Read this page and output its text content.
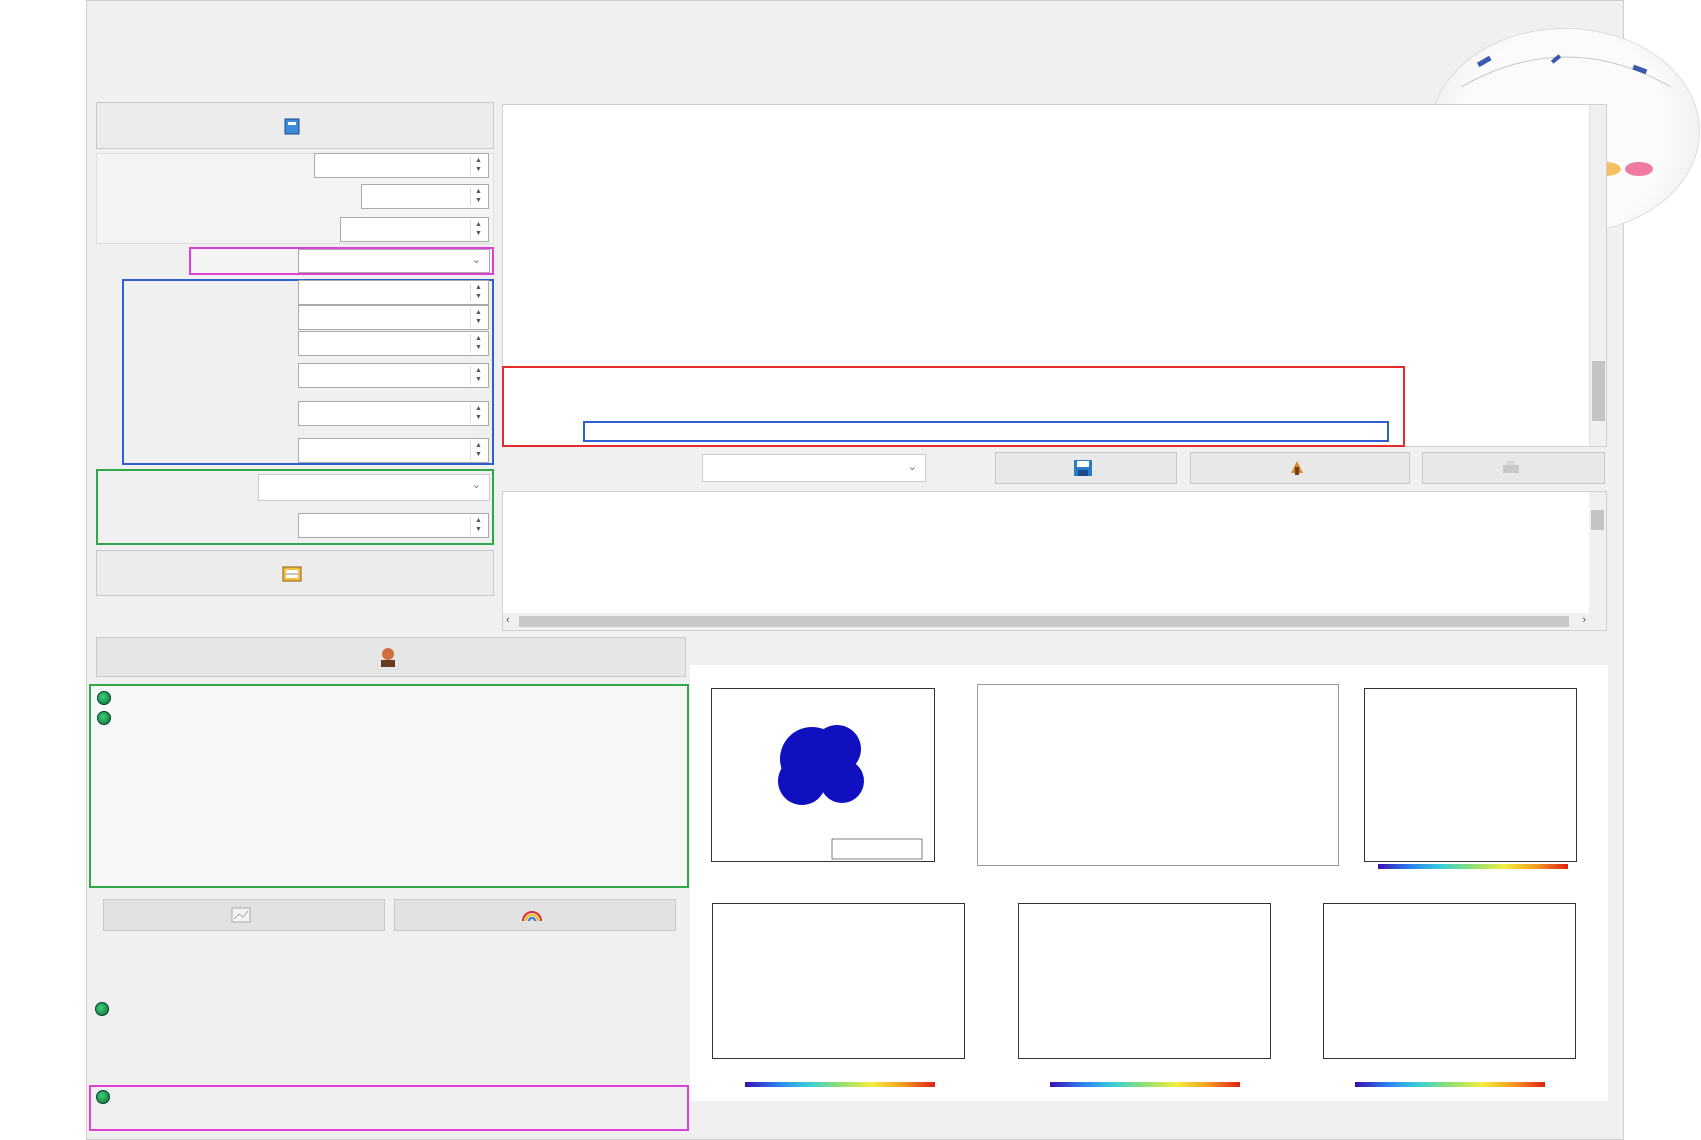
▲
▼
▲
▼
▲
▼
⌄
▲
▼
▲
▼
▲
▼
▲
▼
▲
▼
▲
▼
⌄
▲
▼
⌄
‹	›
